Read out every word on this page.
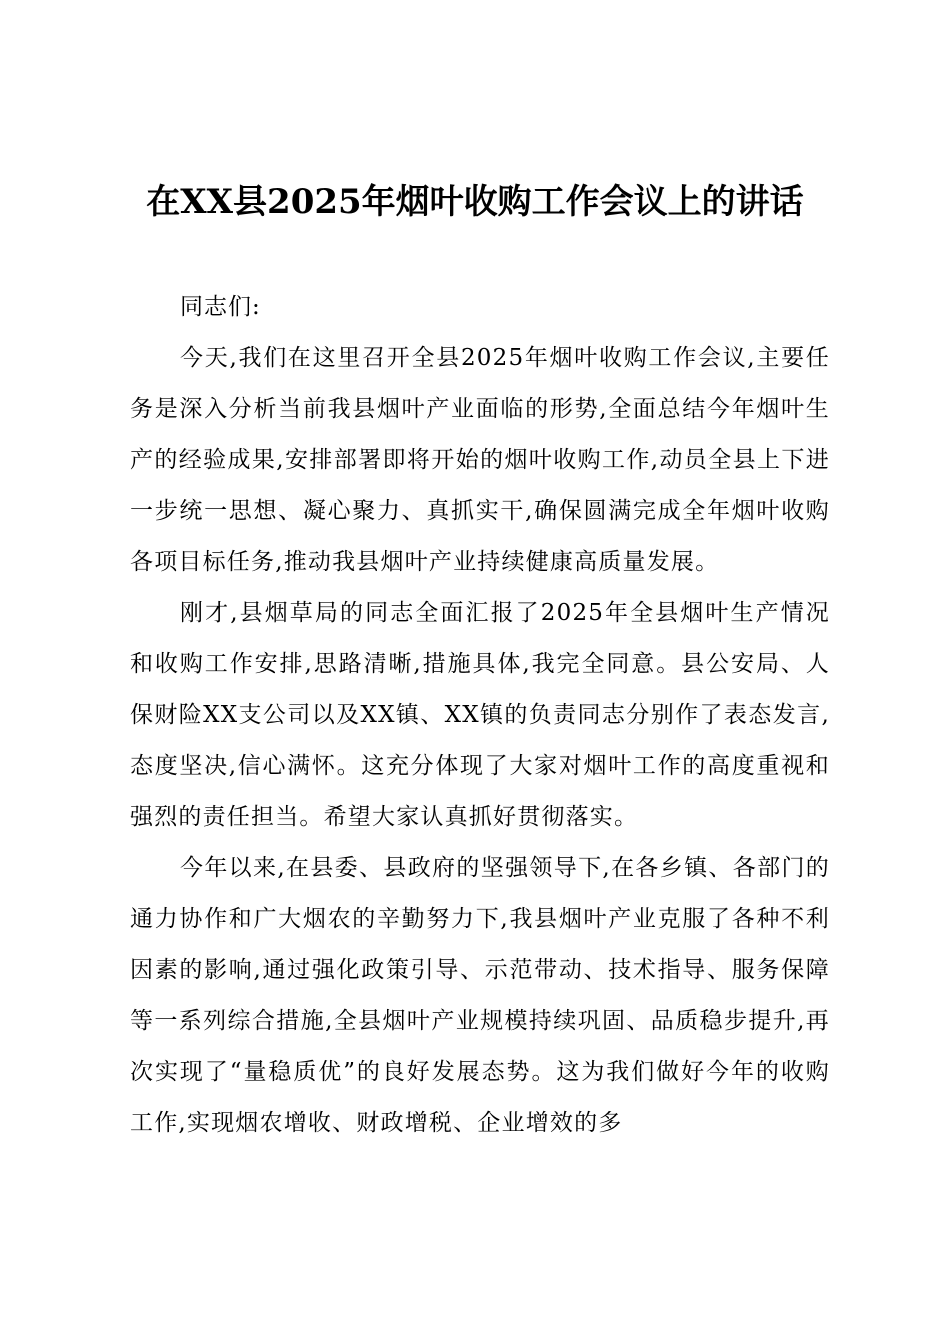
在XX县2025年烟叶收购工作会议上的讲话

同志们:

今天,我们在这里召开全县2025年烟叶收购工作会议,主要任务是深入分析当前我县烟叶产业面临的形势,全面总结今年烟叶生产的经验成果,安排部署即将开始的烟叶收购工作,动员全县上下进一步统一思想、凝心聚力、真抓实干,确保圆满完成全年烟叶收购各项目标任务,推动我县烟叶产业持续健康高质量发展。

刚才,县烟草局的同志全面汇报了2025年全县烟叶生产情况和收购工作安排,思路清晰,措施具体,我完全同意。县公安局、人保财险XX支公司以及XX镇、XX镇的负责同志分别作了表态发言,态度坚决,信心满怀。这充分体现了大家对烟叶工作的高度重视和强烈的责任担当。希望大家认真抓好贯彻落实。

今年以来,在县委、县政府的坚强领导下,在各乡镇、各部门的通力协作和广大烟农的辛勤努力下,我县烟叶产业克服了各种不利因素的影响,通过强化政策引导、示范带动、技术指导、服务保障等一系列综合措施,全县烟叶产业规模持续巩固、品质稳步提升,再次实现了“量稳质优”的良好发展态势。这为我们做好今年的收购工作,实现烟农增收、财政增税、企业增效的多
